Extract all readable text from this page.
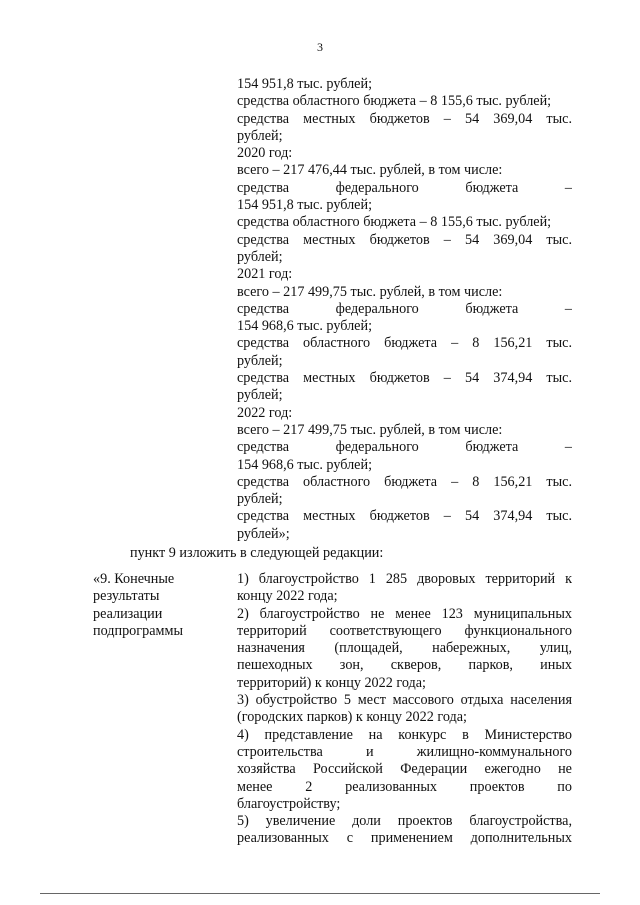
3
154 951,8 тыс. рублей;
средства областного бюджета – 8 155,6 тыс. рублей;
средства местных бюджетов – 54 369,04 тыс.
рублей;
2020 год:
всего – 217 476,44 тыс. рублей, в том числе:
средства федерального бюджета –
154 951,8 тыс. рублей;
средства областного бюджета – 8 155,6 тыс. рублей;
средства местных бюджетов – 54 369,04 тыс.
рублей;
2021 год:
всего – 217 499,75 тыс. рублей, в том числе:
средства федерального бюджета –
154 968,6 тыс. рублей;
средства областного бюджета – 8 156,21 тыс.
рублей;
средства местных бюджетов – 54 374,94 тыс.
рублей;
2022 год:
всего – 217 499,75 тыс. рублей, в том числе:
средства федерального бюджета –
154 968,6 тыс. рублей;
средства областного бюджета – 8 156,21 тыс.
рублей;
средства местных бюджетов – 54 374,94 тыс.
рублей»;
пункт 9 изложить в следующей редакции:
«9. Конечные
результаты
реализации
подпрограммы
1) благоустройство 1 285 дворовых территорий к
концу 2022 года;
2) благоустройство не менее 123 муниципальных
территорий соответствующего функционального
назначения (площадей, набережных, улиц,
пешеходных зон, скверов, парков, иных
территорий) к концу 2022 года;
3) обустройство 5 мест массового отдыха населения
(городских парков) к концу 2022 года;
4) представление на конкурс в Министерство
строительства и жилищно-коммунального
хозяйства Российской Федерации ежегодно не
менее 2 реализованных проектов по
благоустройству;
5) увеличение доли проектов благоустройства,
реализованных с применением дополнительных
